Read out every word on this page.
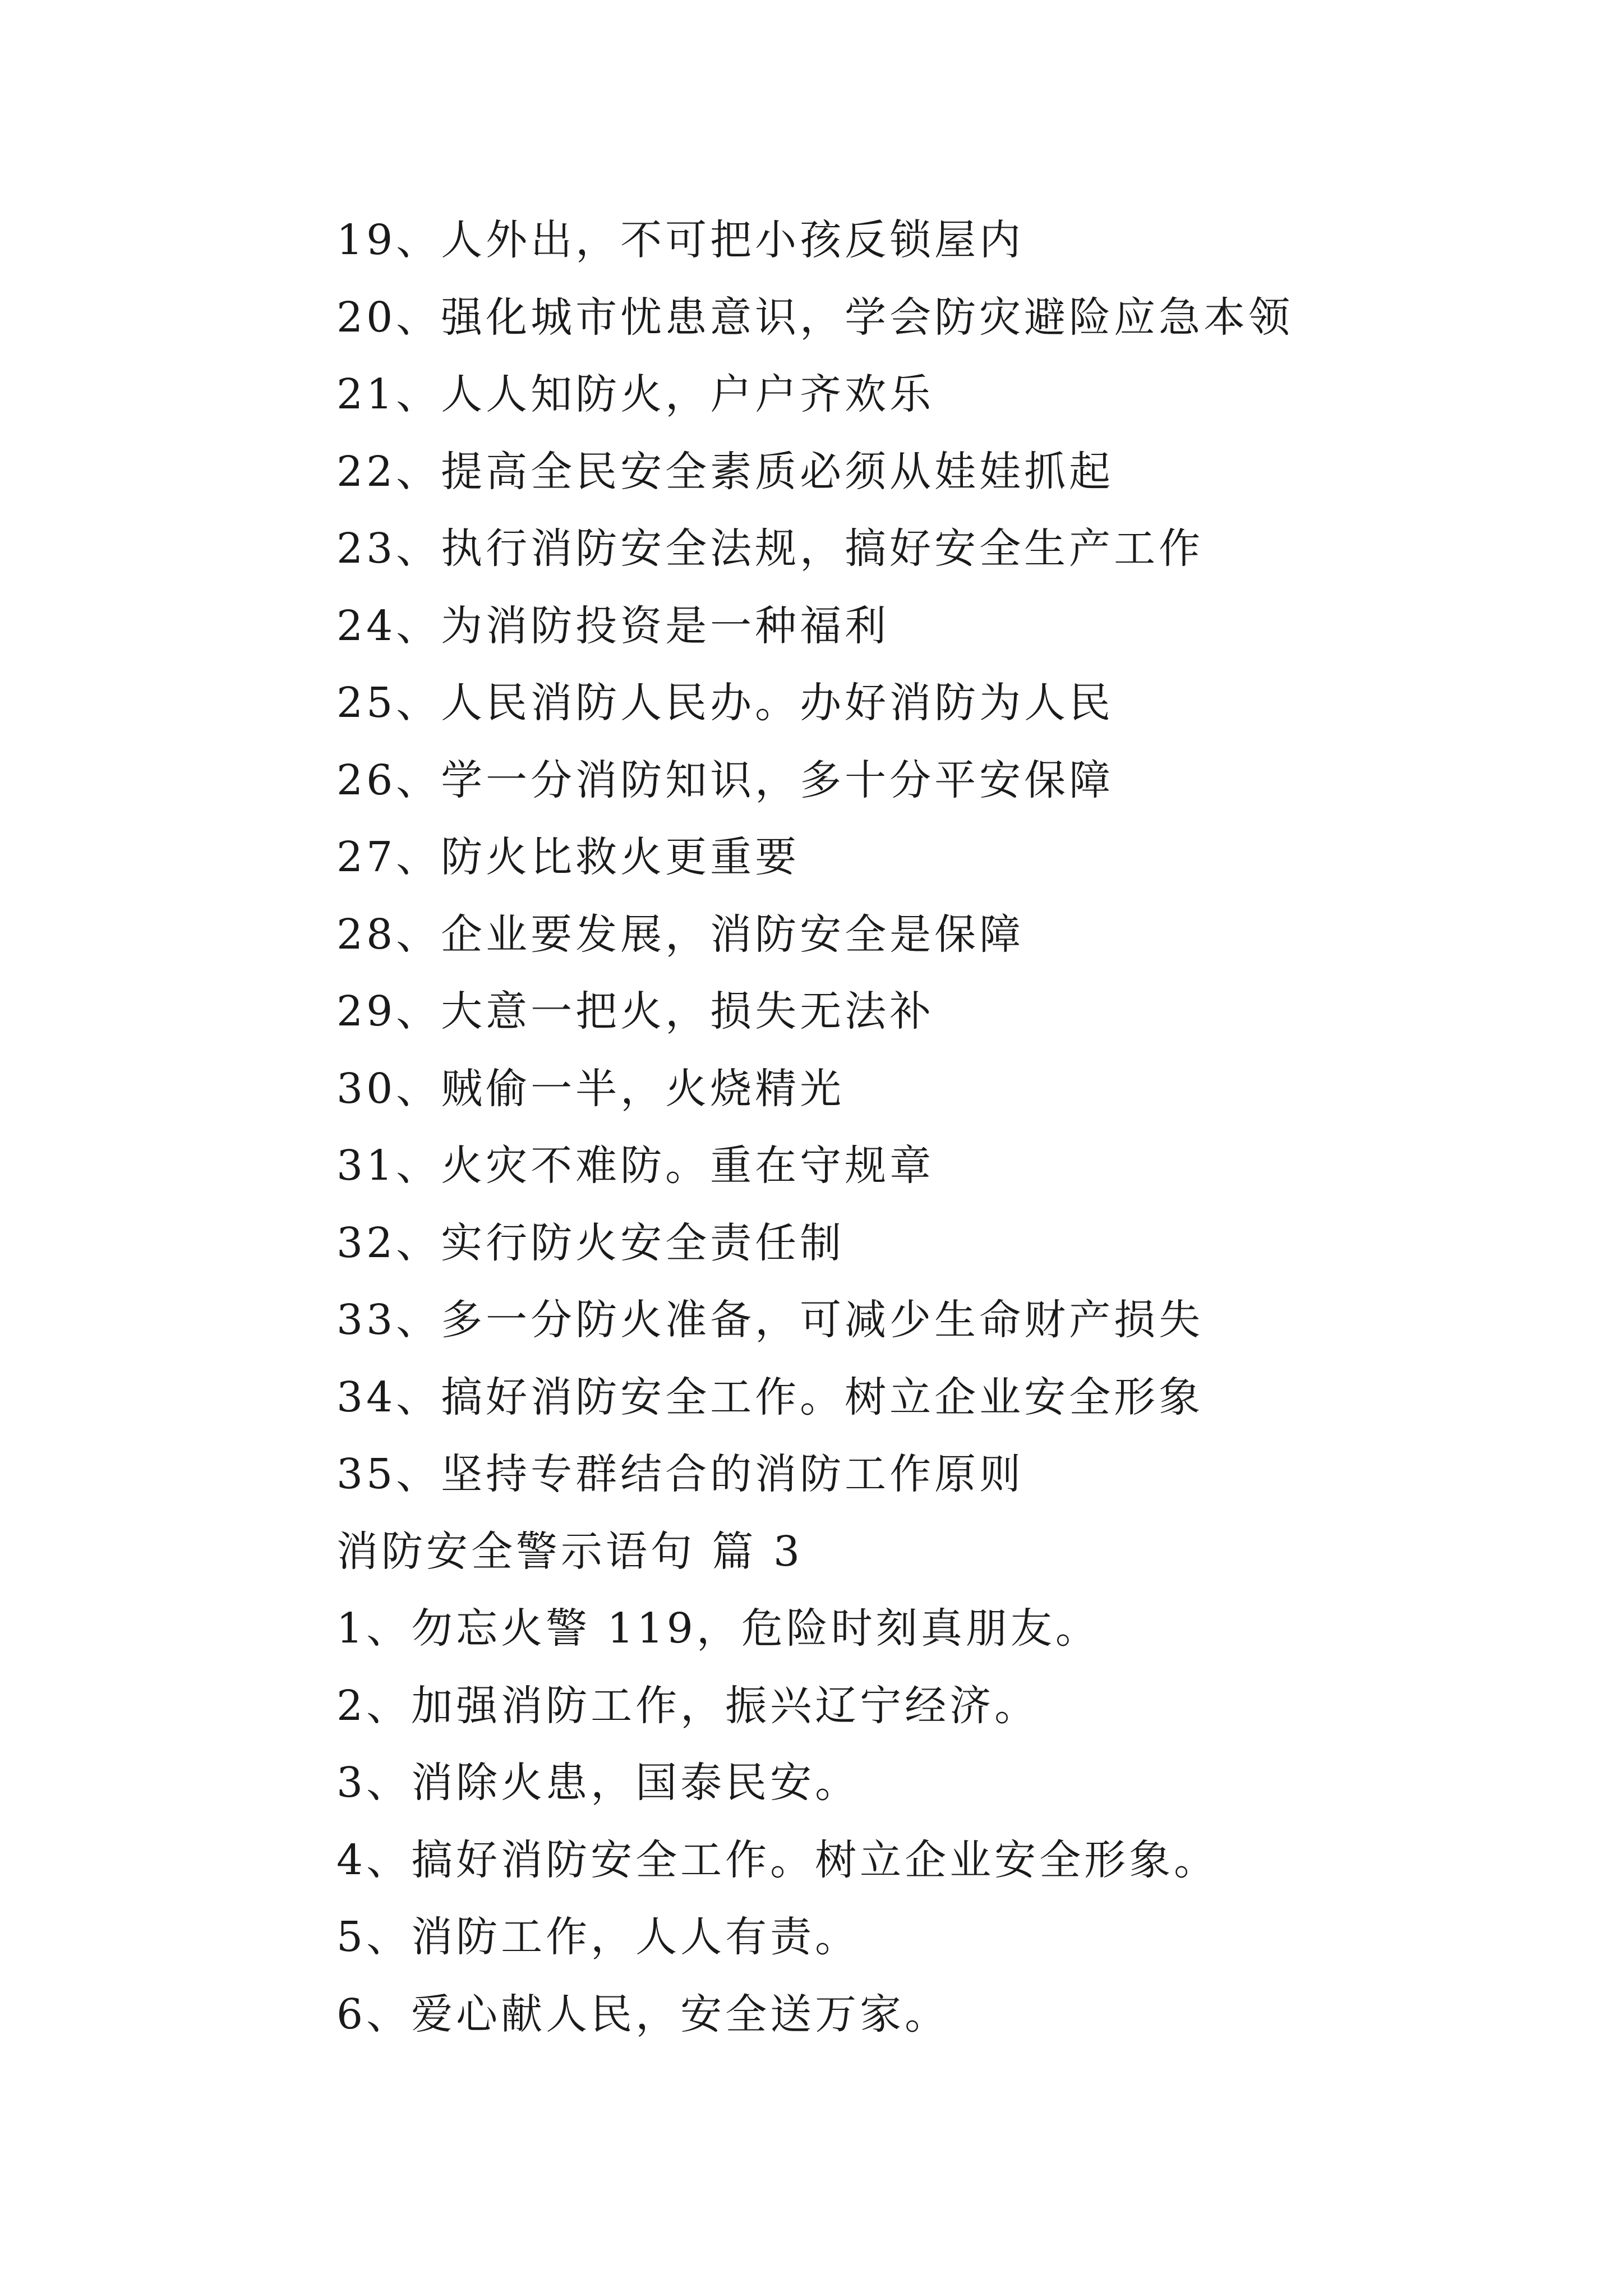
19、人外出，不可把小孩反锁屋内
20、强化城市忧患意识，学会防灾避险应急本领
21、人人知防火，户户齐欢乐
22、提高全民安全素质必须从娃娃抓起
23、执行消防安全法规，搞好安全生产工作
24、为消防投资是一种福利
25、人民消防人民办。办好消防为人民
26、学一分消防知识，多十分平安保障
27、防火比救火更重要
28、企业要发展，消防安全是保障
29、大意一把火，损失无法补
30、贼偷一半，火烧精光
31、火灾不难防。重在守规章
32、实行防火安全责任制
33、多一分防火准备，可减少生命财产损失
34、搞好消防安全工作。树立企业安全形象
35、坚持专群结合的消防工作原则
消防安全警示语句 篇 3
1、勿忘火警 119，危险时刻真朋友。
2、加强消防工作，振兴辽宁经济。
3、消除火患，国泰民安。
4、搞好消防安全工作。树立企业安全形象。
5、消防工作，人人有责。
6、爱心献人民，安全送万家。
